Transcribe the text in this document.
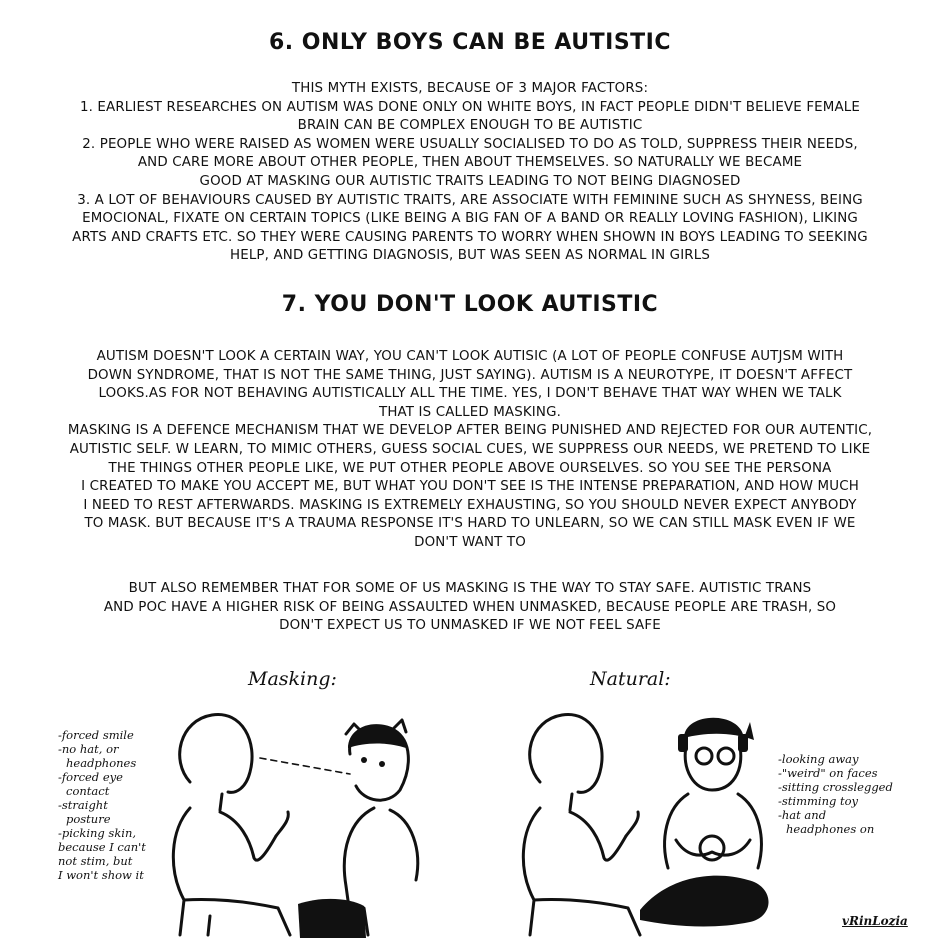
6. ONLY BOYS CAN BE AUTISTIC
THIS MYTH EXISTS, BECAUSE OF 3 MAJOR FACTORS:
1. EARLIEST RESEARCHES ON AUTISM WAS DONE ONLY ON WHITE BOYS, IN FACT PEOPLE DIDN'T BELIEVE FEMALE
BRAIN CAN BE COMPLEX ENOUGH TO BE AUTISTIC
2. PEOPLE WHO WERE RAISED AS WOMEN WERE USUALLY SOCIALISED TO DO AS TOLD, SUPPRESS THEIR NEEDS,
AND CARE MORE ABOUT OTHER PEOPLE, THEN ABOUT THEMSELVES. SO NATURALLY WE BECAME
GOOD AT MASKING OUR AUTISTIC TRAITS LEADING TO NOT BEING DIAGNOSED
3. A LOT OF BEHAVIOURS CAUSED BY AUTISTIC TRAITS, ARE ASSOCIATE WITH FEMININE SUCH AS SHYNESS, BEING
EMOCIONAL, FIXATE ON CERTAIN TOPICS (LIKE BEING A BIG FAN OF A BAND OR REALLY LOVING FASHION), LIKING
ARTS AND CRAFTS ETC. SO THEY WERE CAUSING PARENTS TO WORRY WHEN SHOWN IN BOYS LEADING TO SEEKING
HELP, AND GETTING DIAGNOSIS, BUT WAS SEEN AS NORMAL IN GIRLS
7. YOU DON'T LOOK AUTISTIC
AUTISM DOESN'T LOOK A CERTAIN WAY, YOU CAN'T LOOK AUTISIC (A LOT OF PEOPLE CONFUSE AUTJSM WITH
DOWN SYNDROME, THAT IS NOT THE SAME THING, JUST SAYING). AUTISM IS A NEUROTYPE, IT DOESN'T AFFECT
LOOKS.AS FOR NOT BEHAVING AUTISTICALLY ALL THE TIME. YES, I DON'T BEHAVE THAT WAY WHEN WE TALK
THAT IS CALLED MASKING.
MASKING IS A DEFENCE MECHANISM THAT WE DEVELOP AFTER BEING PUNISHED AND REJECTED FOR OUR AUTENTIC,
AUTISTIC SELF. W LEARN, TO MIMIC OTHERS, GUESS SOCIAL CUES, WE SUPPRESS OUR NEEDS, WE PRETEND TO LIKE
THE THINGS OTHER PEOPLE LIKE, WE PUT OTHER PEOPLE ABOVE OURSELVES. SO YOU SEE THE PERSONA
I CREATED TO MAKE YOU ACCEPT ME, BUT WHAT YOU DON'T SEE IS THE INTENSE PREPARATION, AND HOW MUCH
I NEED TO REST AFTERWARDS. MASKING IS EXTREMELY EXHAUSTING, SO YOU SHOULD NEVER EXPECT ANYBODY
TO MASK. BUT BECAUSE IT'S A TRAUMA RESPONSE IT'S HARD TO UNLEARN, SO WE CAN STILL MASK EVEN IF WE
DON'T WANT TO
BUT ALSO REMEMBER THAT FOR SOME OF US MASKING IS THE WAY TO STAY SAFE. AUTISTIC TRANS
AND POC HAVE A HIGHER RISK OF BEING ASSAULTED WHEN UNMASKED, BECAUSE PEOPLE ARE TRASH, SO
DON'T EXPECT US TO UNMASKED IF WE NOT FEEL SAFE
Masking:	Natural:
-forced smile
-no hat, or
headphones
-forced eye
contact
-straight
posture
-picking skin,
because I can't
not stim, but
I won't show it
-looking away
-"weird" on faces
-sitting crosslegged
-stimming toy
-hat and
headphones on
vRinLozia
